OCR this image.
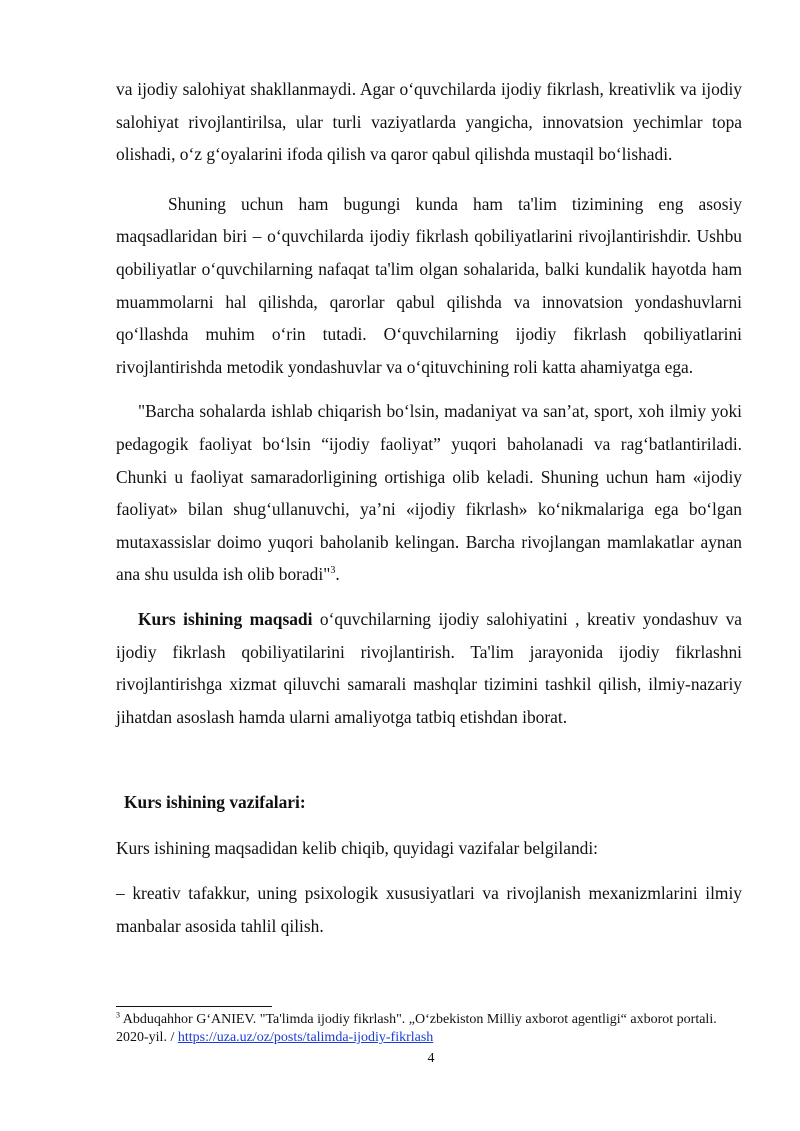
va ijodiy salohiyat shakllanmaydi. Agar o‘quvchilarda ijodiy fikrlash, kreativlik va ijodiy salohiyat rivojlantirilsa, ular turli vaziyatlarda yangicha, innovatsion yechimlar topa olishadi, o‘z g‘oyalarini ifoda qilish va qaror qabul qilishda mustaqil bo‘lishadi.

Shuning uchun ham bugungi kunda ham ta'lim tizimining eng asosiy maqsadlaridan biri – o‘quvchilarda ijodiy fikrlash qobiliyatlarini rivojlantirishdir. Ushbu qobiliyatlar o‘quvchilarning nafaqat ta'lim olgan sohalarida, balki kundalik hayotda ham muammolarni hal qilishda, qarorlar qabul qilishda va innovatsion yondashuvlarni qo‘llashda muhim o‘rin tutadi. O‘quvchilarning ijodiy fikrlash qobiliyatlarini rivojlantirishda metodik yondashuvlar va o‘qituvchining roli katta ahamiyatga ega.

"Barcha sohalarda ishlab chiqarish bo‘lsin, madaniyat va san’at, sport, xoh ilmiy yoki pedagogik faoliyat bo‘lsin “ijodiy faoliyat” yuqori baholanadi va rag‘batlantiriladi. Chunki u faoliyat samaradorligining ortishiga olib keladi. Shuning uchun ham «ijodiy faoliyat» bilan shug‘ullanuvchi, ya’ni «ijodiy fikrlash» ko‘nikmalariga ega bo‘lgan mutaxassislar doimo yuqori baholanib kelingan. Barcha rivojlangan mamlakatlar aynan ana shu usulda ish olib boradi"$^3$.

Kurs ishining maqsadi o‘quvchilarning ijodiy salohiyatini , kreativ yondashuv va ijodiy fikrlash qobiliyatilarini rivojlantirish. Ta'lim jarayonida ijodiy fikrlashni rivojlantirishga xizmat qiluvchi samarali mashqlar tizimini tashkil qilish, ilmiy-nazariy jihatdan asoslash hamda ularni amaliyotga tatbiq etishdan iborat.

Kurs ishining vazifalari:

Kurs ishining maqsadidan kelib chiqib, quyidagi vazifalar belgilandi:

– kreativ tafakkur, uning psixologik xususiyatlari va rivojlanish mexanizmlarini ilmiy manbalar asosida tahlil qilish.

$^3$ Abduqahhor G‘ANIEV. "Ta'limda ijodiy fikrlash". „O‘zbekiston Milliy axborot agentligi“ axborot portali. 2020-yil. / https://uza.uz/oz/posts/talimda-ijodiy-fikrlash
4
